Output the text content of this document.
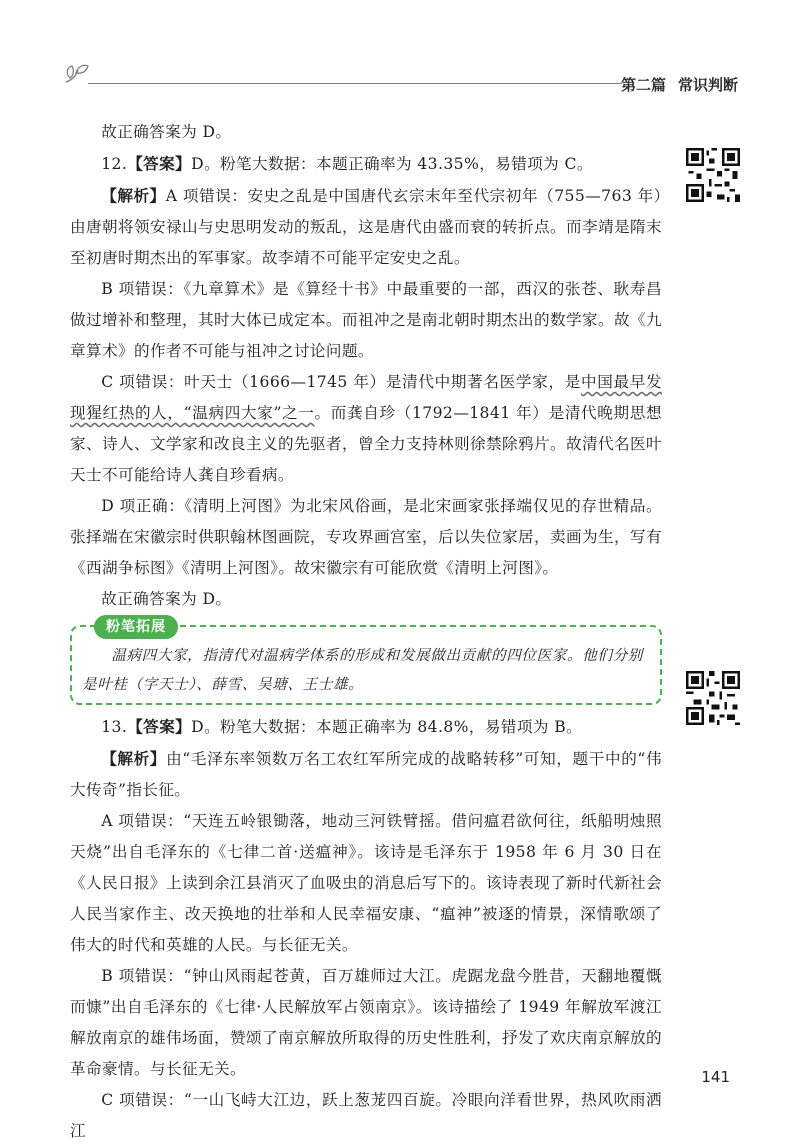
第二篇 常识判断

故正确答案为 D。

12.【答案】D。粉笔大数据：本题正确率为 43.35%，易错项为 C。

【解析】A 项错误：安史之乱是中国唐代玄宗末年至代宗初年（755—763 年）由唐朝将领安禄山与史思明发动的叛乱，这是唐代由盛而衰的转折点。而李靖是隋末至初唐时期杰出的军事家。故李靖不可能平定安史之乱。

B 项错误：《九章算术》是《算经十书》中最重要的一部，西汉的张苍、耿寿昌做过增补和整理，其时大体已成定本。而祖冲之是南北朝时期杰出的数学家。故《九章算术》的作者不可能与祖冲之讨论问题。

C 项错误：叶天士（1666—1745 年）是清代中期著名医学家，是中国最早发现猩红热的人，“温病四大家”之一。而龚自珍（1792—1841 年）是清代晚期思想家、诗人、文学家和改良主义的先驱者，曾全力支持林则徐禁除鸦片。故清代名医叶天士不可能给诗人龚自珍看病。

D 项正确：《清明上河图》为北宋风俗画，是北宋画家张择端仅见的存世精品。张择端在宋徽宗时供职翰林图画院，专攻界画宫室，后以失位家居，卖画为生，写有《西湖争标图》《清明上河图》。故宋徽宗有可能欣赏《清明上河图》。

故正确答案为 D。

粉笔拓展
温病四大家，指清代对温病学体系的形成和发展做出贡献的四位医家。他们分别是叶桂（字天士）、薛雪、吴瑭、王士雄。

13.【答案】D。粉笔大数据：本题正确率为 84.8%，易错项为 B。

【解析】由“毛泽东率领数万名工农红军所完成的战略转移”可知，题干中的“伟大传奇”指长征。

A 项错误：“天连五岭银锄落，地动三河铁臂摇。借问瘟君欲何往，纸船明烛照天烧”出自毛泽东的《七律二首·送瘟神》。该诗是毛泽东于 1958 年 6 月 30 日在《人民日报》上读到余江县消灭了血吸虫的消息后写下的。该诗表现了新时代新社会人民当家作主、改天换地的壮举和人民幸福安康、“瘟神”被逐的情景，深情歌颂了伟大的时代和英雄的人民。与长征无关。

B 项错误：“钟山风雨起苍黄，百万雄师过大江。虎踞龙盘今胜昔，天翻地覆慨而慷”出自毛泽东的《七律·人民解放军占领南京》。该诗描绘了 1949 年解放军渡江解放南京的雄伟场面，赞颂了南京解放所取得的历史性胜利，抒发了欢庆南京解放的革命豪情。与长征无关。

C 项错误：“一山飞峙大江边，跃上葱茏四百旋。冷眼向洋看世界，热风吹雨洒江

141
